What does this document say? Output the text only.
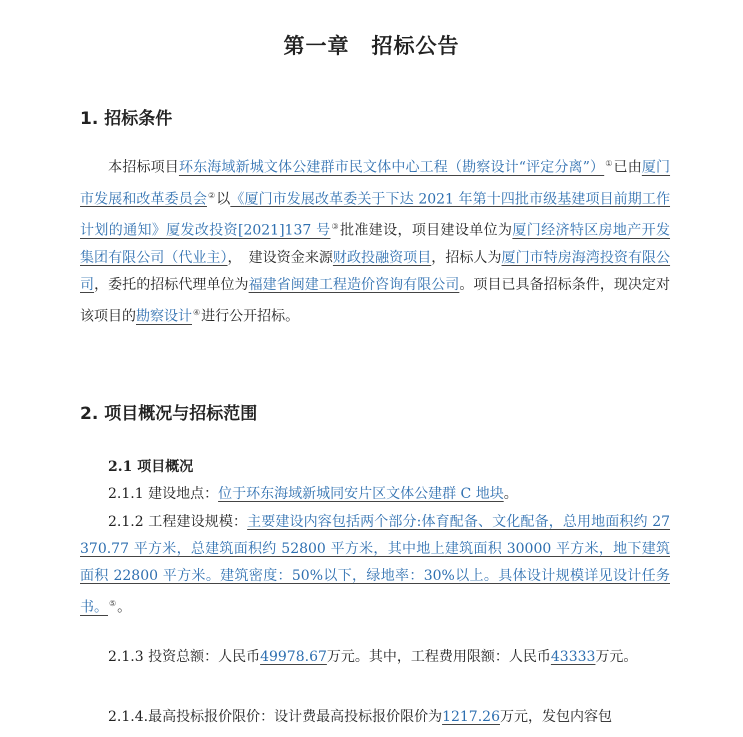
第一章　招标公告
1. 招标条件
本招标项目环东海域新城文体公建群市民文体中心工程（勘察设计“评定分离”）①已由厦门市发展和改革委员会②以《厦门市发展改革委关于下达 2021 年第十四批市级基建项目前期工作计划的通知》厦发改投资[2021]137 号③批准建设，项目建设单位为厦门经济特区房地产开发集团有限公司（代业主），　建设资金来源财政投融资项目，招标人为厦门市特房海湾投资有限公司，委托的招标代理单位为福建省闽建工程造价咨询有限公司。项目已具备招标条件，现决定对该项目的勘察设计④进行公开招标。
2. 项目概况与招标范围
2.1 项目概况
2.1.1 建设地点：位于环东海域新城同安片区文体公建群 C 地块。
2.1.2 工程建设规模：主要建设内容包括两个部分:体育配备、文化配备，总用地面积约 27370.77 平方米，总建筑面积约 52800 平方米，其中地上建筑面积 30000 平方米，地下建筑面积 22800 平方米。建筑密度：50%以下，绿地率：30%以上。具体设计规模详见设计任务书。⑤。
2.1.3 投资总额：人民币49978.67万元。其中，工程费用限额：人民币43333万元。
2.1.4.最高投标报价限价：设计费最高投标报价限价为1217.26万元，发包内容包
